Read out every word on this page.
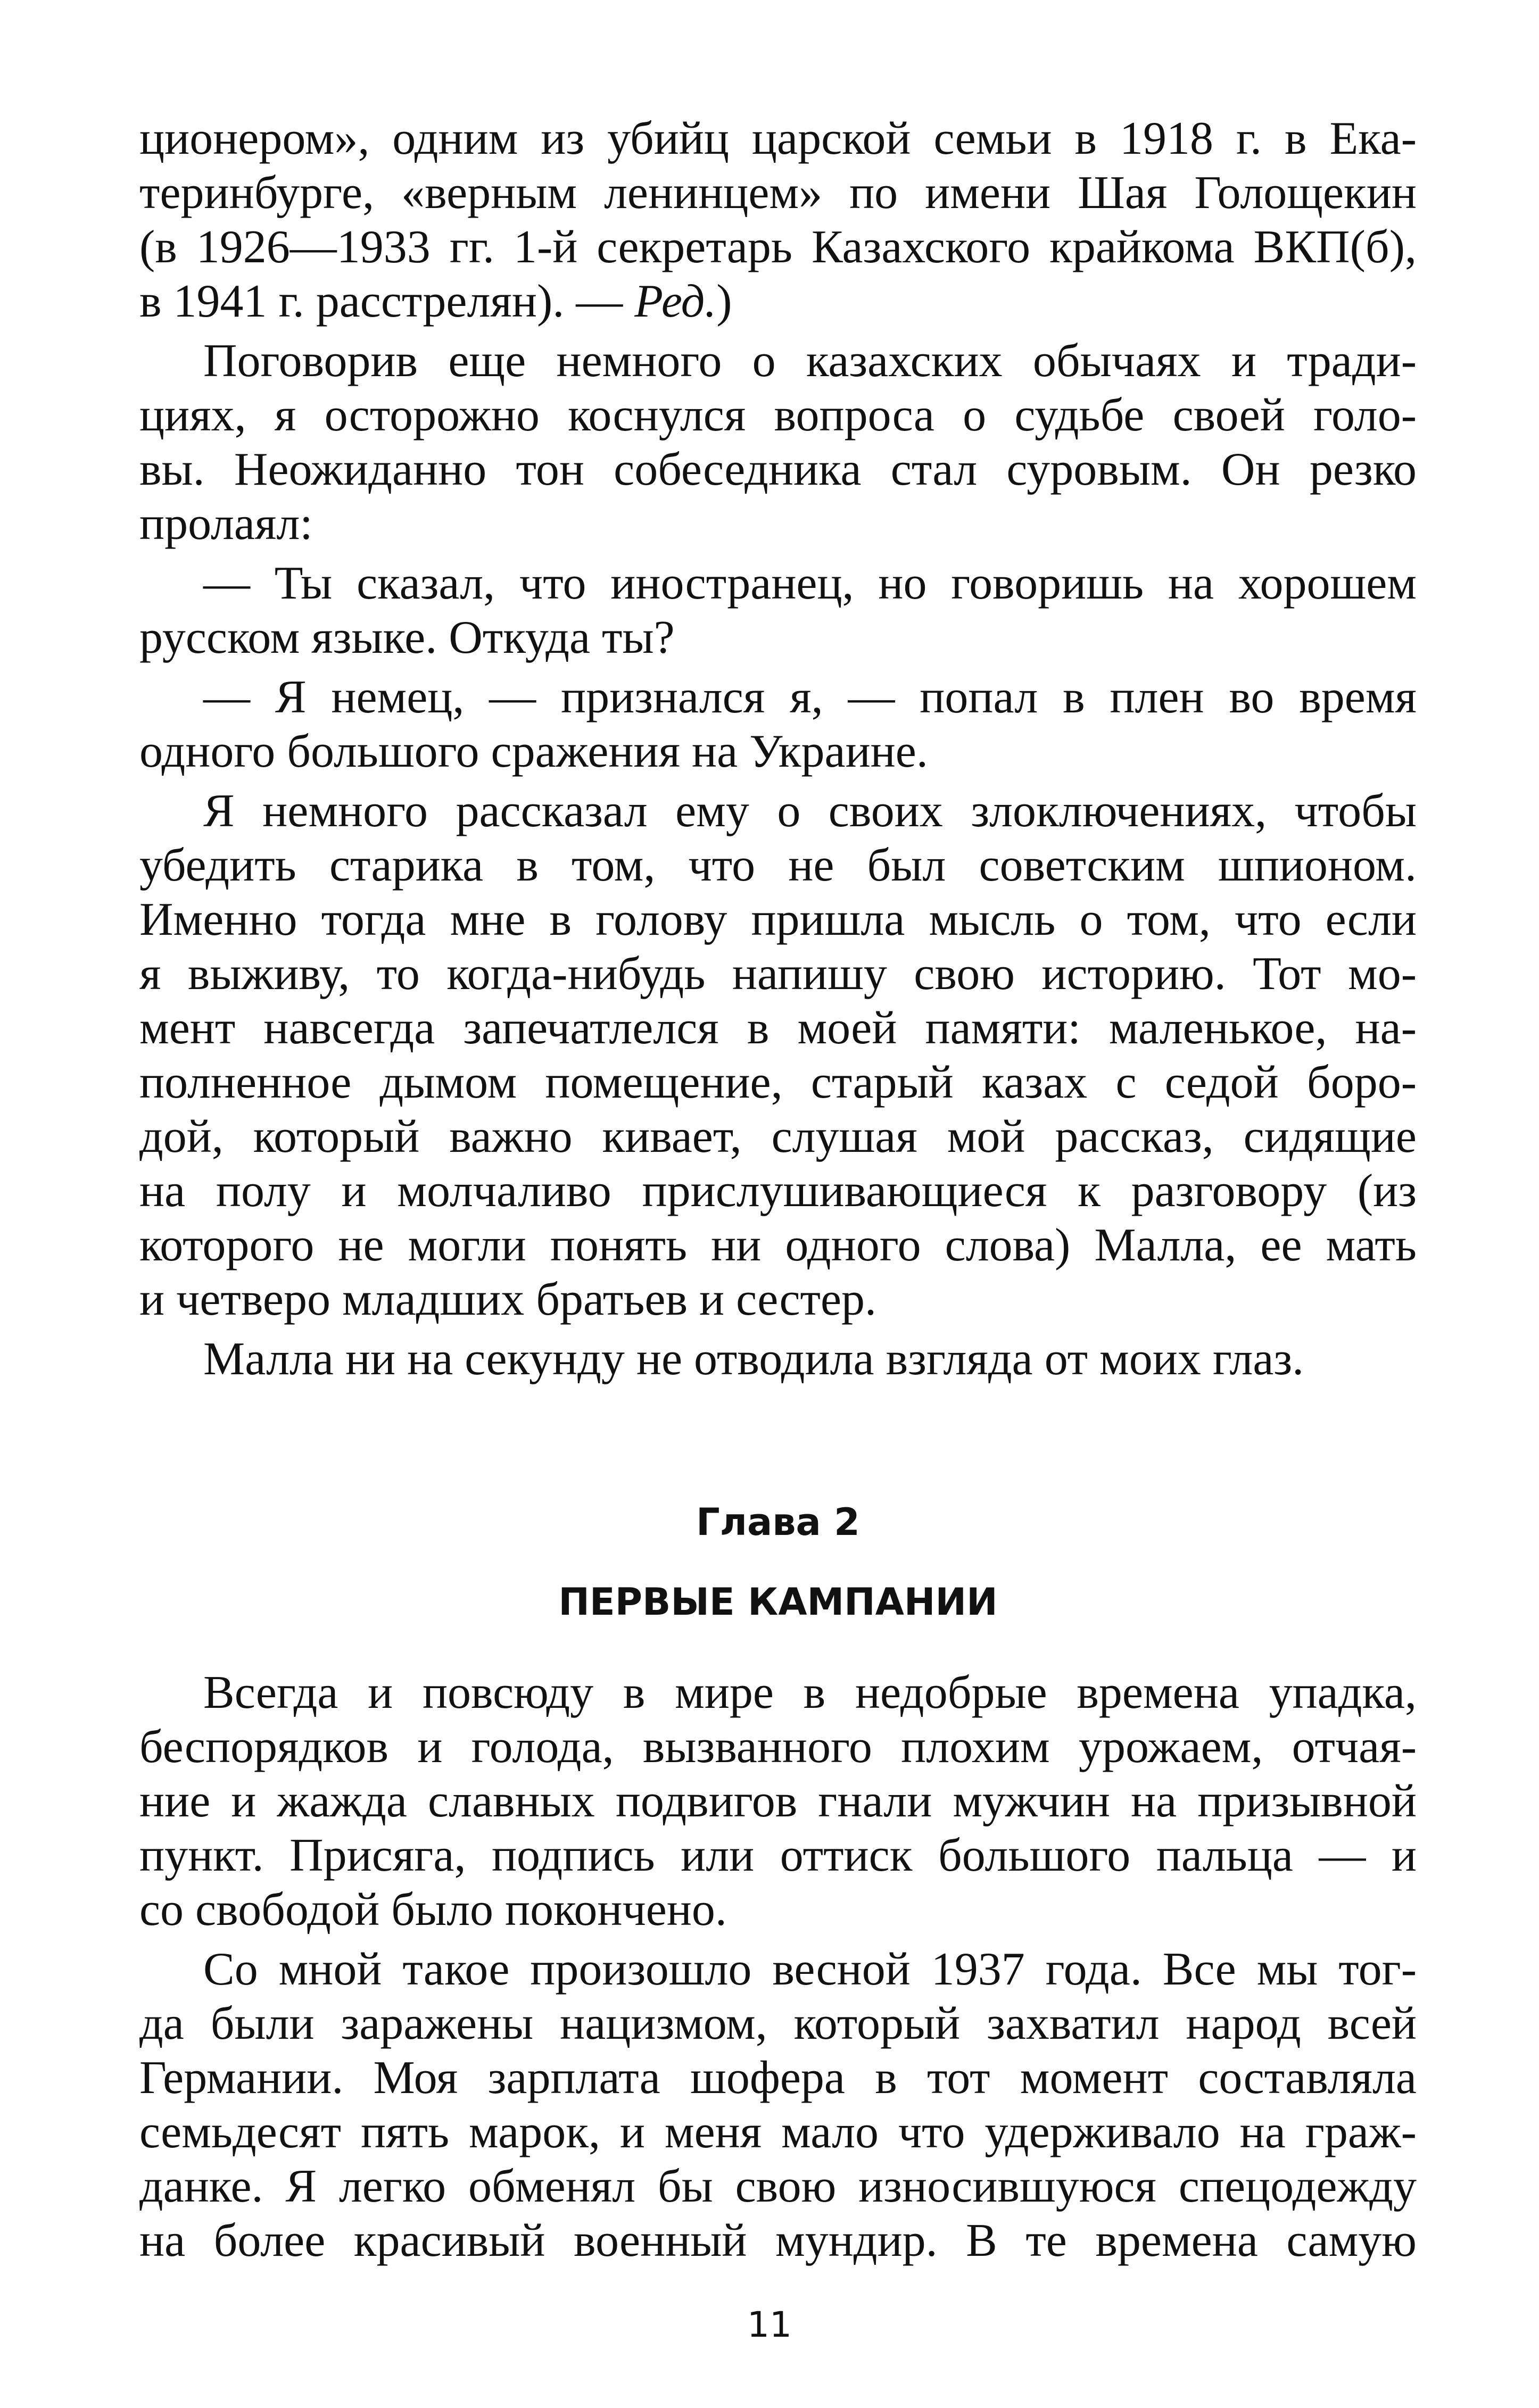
ционером», одним из убийц царской семьи в 1918 г. в Ека-
теринбурге, «верным ленинцем» по имени Шая Голощекин
(в 1926—1933 гг. 1-й секретарь Казахского крайкома ВКП(б),
в 1941 г. расстрелян). — Ред.)
Поговорив еще немного о казахских обычаях и тради-
циях, я осторожно коснулся вопроса о судьбе своей голо-
вы. Неожиданно тон собеседника стал суровым. Он резко
пролаял:
— Ты сказал, что иностранец, но говоришь на хорошем
русском языке. Откуда ты?
— Я немец, — признался я, — попал в плен во время
одного большого сражения на Украине.
Я немного рассказал ему о своих злоключениях, чтобы
убедить старика в том, что не был советским шпионом.
Именно тогда мне в голову пришла мысль о том, что если
я выживу, то когда-нибудь напишу свою историю. Тот мо-
мент навсегда запечатлелся в моей памяти: маленькое, на-
полненное дымом помещение, старый казах с седой боро-
дой, который важно кивает, слушая мой рассказ, сидящие
на полу и молчаливо прислушивающиеся к разговору (из
которого не могли понять ни одного слова) Малла, ее мать
и четверо младших братьев и сестер.
Малла ни на секунду не отводила взгляда от моих глаз.
Глава 2
ПЕРВЫЕ КАМПАНИИ
Всегда и повсюду в мире в недобрые времена упадка,
беспорядков и голода, вызванного плохим урожаем, отчая-
ние и жажда славных подвигов гнали мужчин на призывной
пункт. Присяга, подпись или оттиск большого пальца — и
со свободой было покончено.
Со мной такое произошло весной 1937 года. Все мы тог-
да были заражены нацизмом, который захватил народ всей
Германии. Моя зарплата шофера в тот момент составляла
семьдесят пять марок, и меня мало что удерживало на граж-
данке. Я легко обменял бы свою износившуюся спецодежду
на более красивый военный мундир. В те времена самую
11
